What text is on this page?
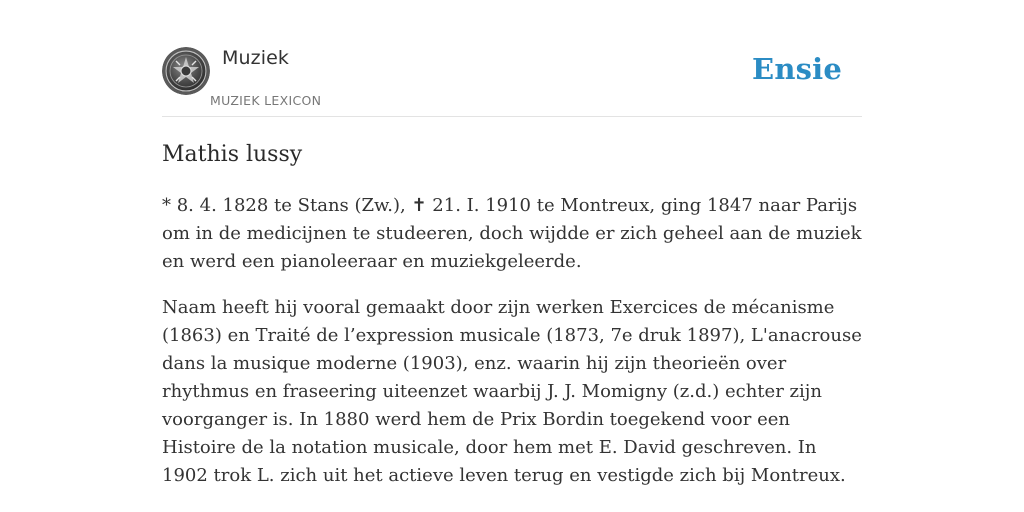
Muziek
MUZIEK LEXICON
Ensie
Mathis lussy

* 8. 4. 1828 te Stans (Zw.), ✝ 21. I. 1910 te Montreux, ging 1847 naar Parijs om in de medicijnen te studeeren, doch wijdde er zich geheel aan de muziek en werd een pianoleeraar en muziekgeleerde.

Naam heeft hij vooral gemaakt door zijn werken Exercices de mécanisme (1863) en Traité de l’expression musicale (1873, 7e druk 1897), L'anacrouse dans la musique moderne (1903), enz. waarin hij zijn theorieën over rhythmus en fraseering uiteenzet waarbij J. J. Momigny (z.d.) echter zijn voorganger is. In 1880 werd hem de Prix Bordin toegekend voor een Histoire de la notation musicale, door hem met E. David geschreven. In 1902 trok L. zich uit het actieve leven terug en vestigde zich bij Montreux.
